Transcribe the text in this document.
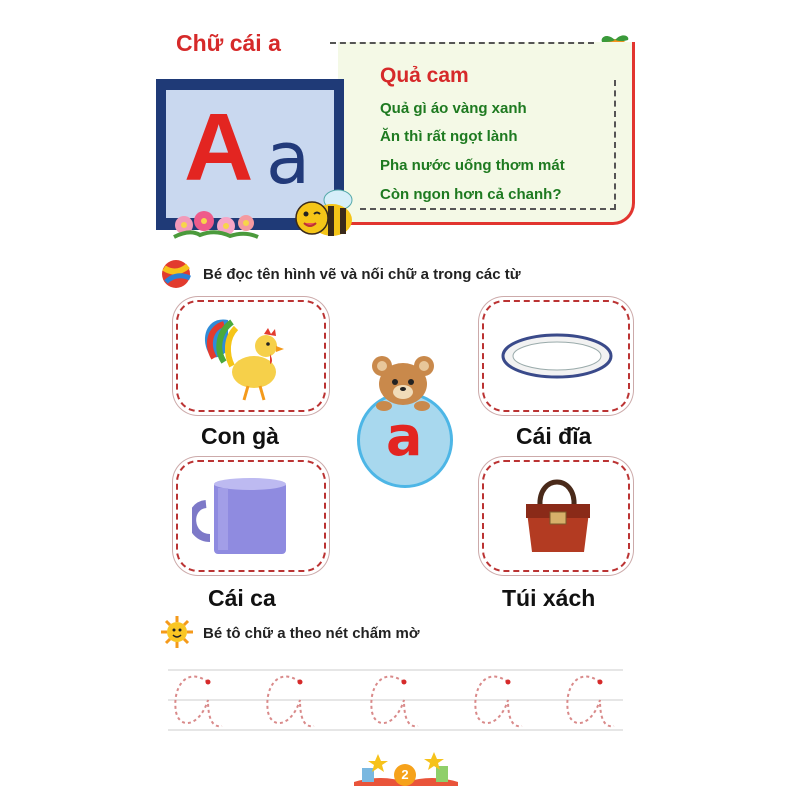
Chữ cái a
Quả cam
Quả gì áo vàng xanh
Ăn thì rất ngọt lành
Pha nước uống thơm mát
Còn ngon hơn cả chanh?
A a
Bé đọc tên hình vẽ và nối chữ a trong các từ
Con gà	Cái đĩa
Cái ca	Túi xách
a
Bé tô chữ a theo nét chấm mờ
2
